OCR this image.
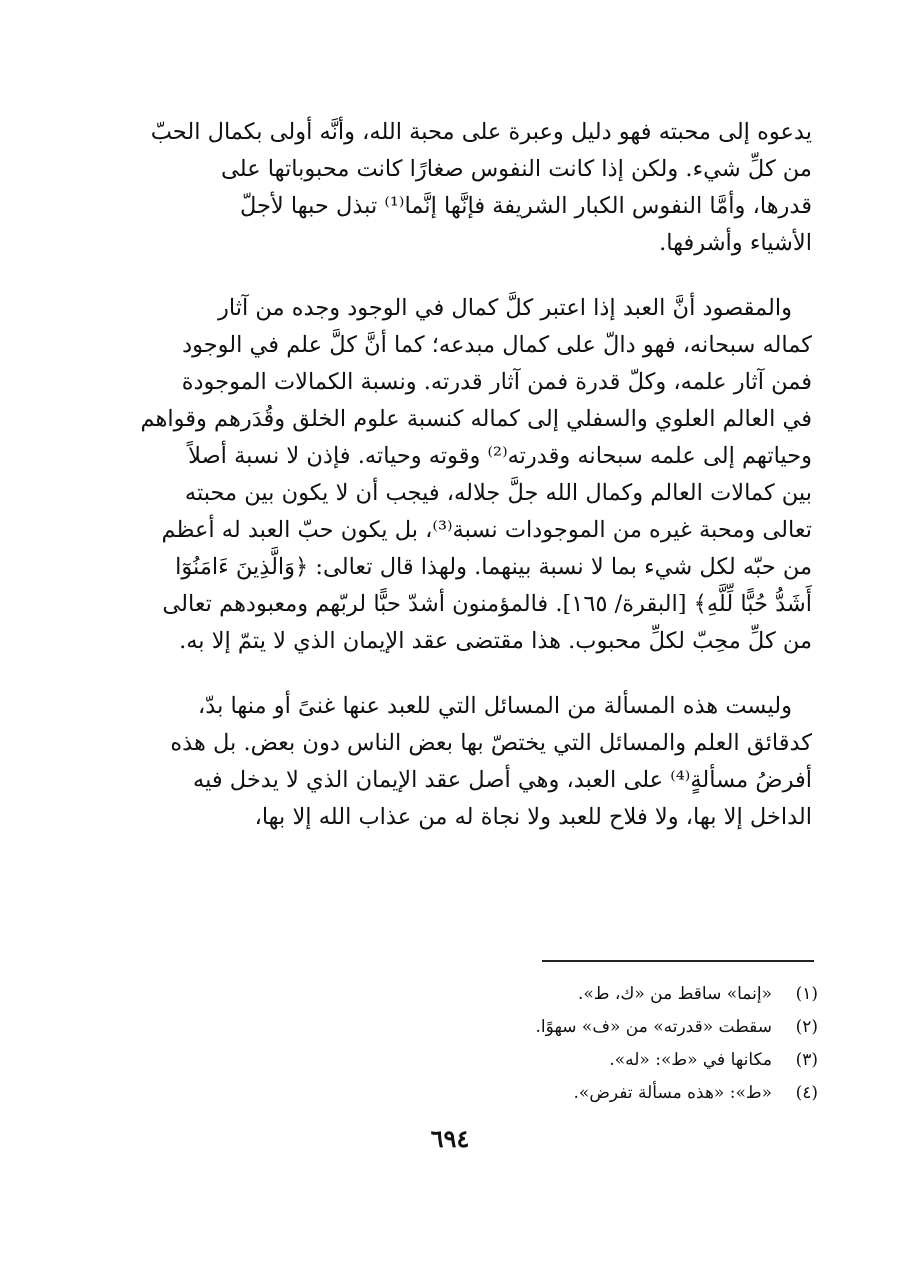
يدعوه إلى محبته فهو دليل وعبرة على محبة الله، وأنَّه أولى بكمال الحبّ
من كلِّ شيء. ولكن إذا كانت النفوس صغارًا كانت محبوباتها على
قدرها، وأمَّا النفوس الكبار الشريفة فإنَّها إنَّما⁽¹⁾ تبذل حبها لأجلّ
الأشياء وأشرفها.
والمقصود أنَّ العبد إذا اعتبر كلَّ كمال في الوجود وجده من آثار
كماله سبحانه، فهو دالّ على كمال مبدعه؛ كما أنَّ كلَّ علم في الوجود
فمن آثار علمه، وكلّ قدرة فمن آثار قدرته. ونسبة الكمالات الموجودة
في العالم العلوي والسفلي إلى كماله كنسبة علوم الخلق وقُدَرهم وقواهم
وحياتهم إلى علمه سبحانه وقدرته⁽²⁾ وقوته وحياته. فإذن لا نسبة أصلاً
بين كمالات العالم وكمال الله جلَّ جلاله، فيجب أن لا يكون بين محبته
تعالى ومحبة غيره من الموجودات نسبة⁽³⁾، بل يكون حبّ العبد له أعظم
من حبّه لكل شيء بما لا نسبة بينهما. ولهذا قال تعالى: ﴿وَالَّذِينَ ءَامَنُوٓا
أَشَدُّ حُبًّا لِّلَّهِ﴾ [البقرة/ ١٦٥]. فالمؤمنون أشدّ حبًّا لربّهم ومعبودهم تعالى
من كلِّ محِبّ لكلِّ محبوب. هذا مقتضى عقد الإيمان الذي لا يتمّ إلا به.
وليست هذه المسألة من المسائل التي للعبد عنها غنىً أو منها بدّ،
كدقائق العلم والمسائل التي يختصّ بها بعض الناس دون بعض. بل هذه
أفرضُ مسألةٍ⁽⁴⁾ على العبد، وهي أصل عقد الإيمان الذي لا يدخل فيه
الداخل إلا بها، ولا فلاح للعبد ولا نجاة له من عذاب الله إلا بها،
(١)«إنما» ساقط من «ك، ط».
(٢)سقطت «قدرته» من «ف» سهوًا.
(٣)مكانها في «ط»: «له».
(٤)«ط»: «هذه مسألة تفرض».
٦٩٤
